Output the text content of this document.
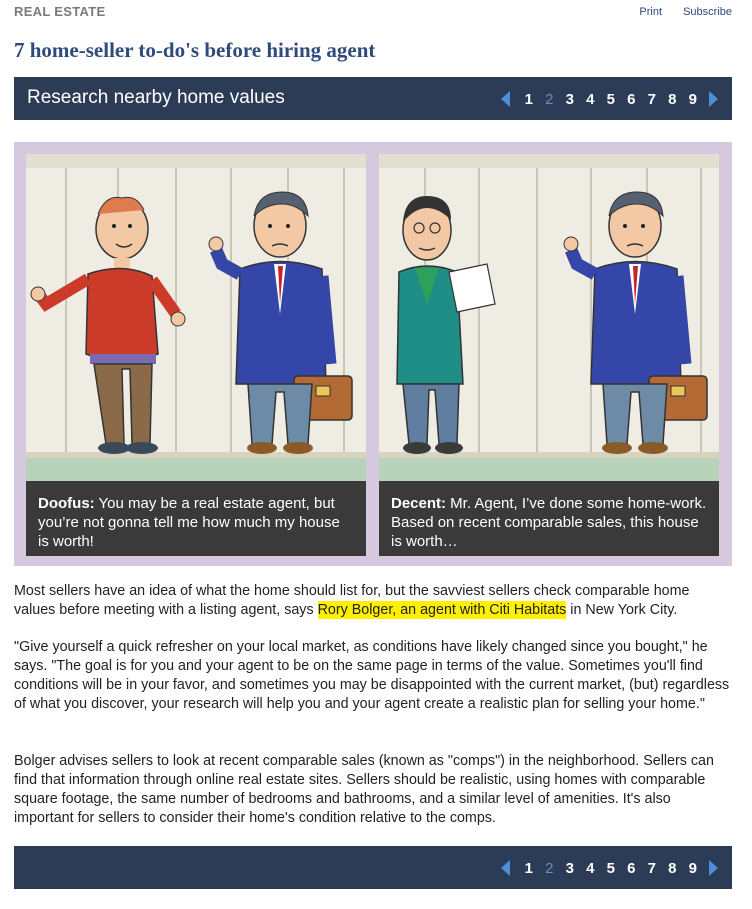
REAL ESTATE	Print Subscribe
7 home-seller to-do's before hiring agent
Research nearby home values	1 2 3 4 5 6 7 8 9
Doofus: You may be a real estate agent, but you’re not gonna tell me how much my house is worth!
Decent: Mr. Agent, I’ve done some home-work. Based on recent comparable sales, this house is worth…

Most sellers have an idea of what the home should list for, but the savviest sellers check comparable home values before meeting with a listing agent, says Rory Bolger, an agent with Citi Habitats in New York City.

"Give yourself a quick refresher on your local market, as conditions have likely changed since you bought," he says. "The goal is for you and your agent to be on the same page in terms of the value. Sometimes you'll find conditions will be in your favor, and sometimes you may be disappointed with the current market, (but) regardless of what you discover, your research will help you and your agent create a realistic plan for selling your home."

Bolger advises sellers to look at recent comparable sales (known as "comps") in the neighborhood. Sellers can find that information through online real estate sites. Sellers should be realistic, using homes with comparable square footage, the same number of bedrooms and bathrooms, and a similar level of amenities. It's also important for sellers to consider their home's condition relative to the comps.

1 2 3 4 5 6 7 8 9
